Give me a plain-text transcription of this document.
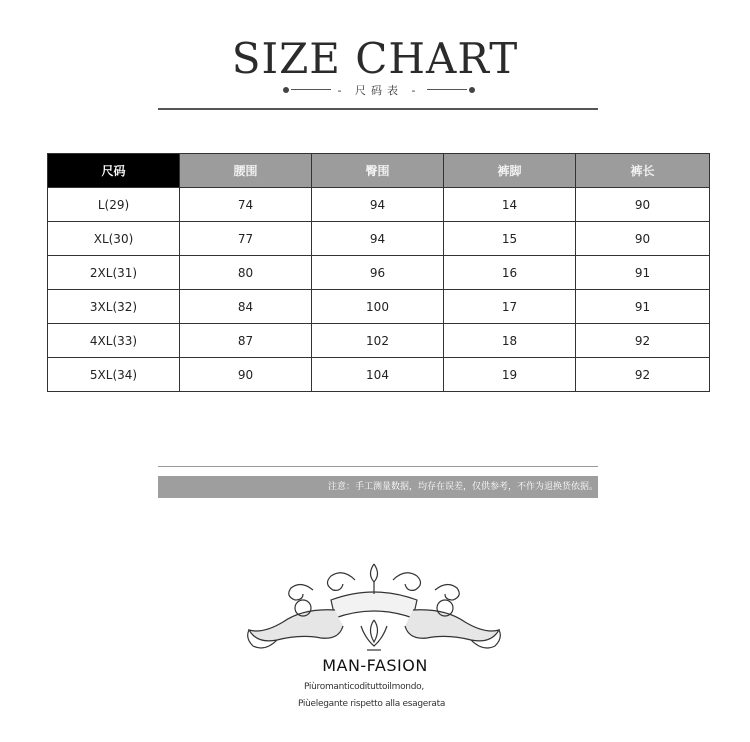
SIZE CHART
- 尺码表 -
尺码	腰围	臀围	裤脚	裤长
L(29)	74	94	14	90
XL(30)	77	94	15	90
2XL(31)	80	96	16	91
3XL(32)	84	100	17	91
4XL(33)	87	102	18	92
5XL(34)	90	104	19	92
注意：手工测量数据，均存在误差，仅供参考，不作为退换货依据。
MAN-FASION
Piùromanticodituttoilmondo,
Piùelegante rispetto alla esagerata
